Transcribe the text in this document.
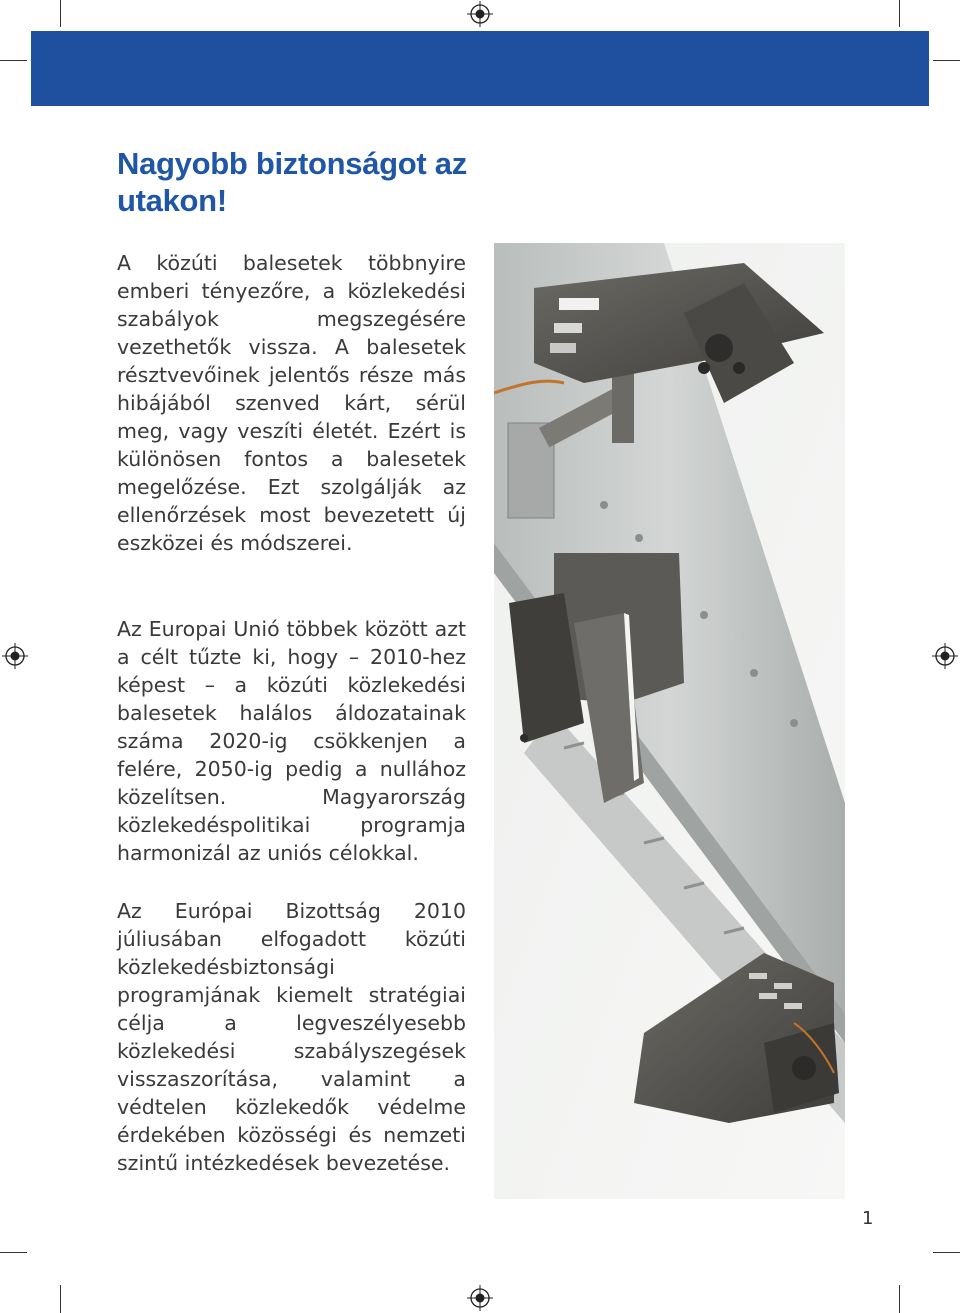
Nagyobb biztonságot az utakon!

A közúti balesetek többnyire emberi tényezőre, a közlekedési szabályok megszegésére vezethetők vissza. A balesetek résztvevőinek jelentős része más hibájából szenved kárt, sérül meg, vagy veszíti életét. Ezért is különösen fontos a balesetek megelőzése. Ezt szolgálják az ellenőrzések most bevezetett új eszközei és módszerei.

Az Europai Unió többek között azt a célt tűzte ki, hogy – 2010-hez képest – a közúti közlekedési balesetek halálos áldozatainak száma 2020-ig csökkenjen a felére, 2050-ig pedig a nullához közelítsen. Magyarország közlekedéspolitikai programja harmonizál az uniós célokkal.

Az Európai Bizottság 2010 júliusában elfogadott közúti közlekedésbiztonsági programjának kiemelt stratégiai célja a legveszélyesebb közlekedési szabályszegések visszaszorítása, valamint a védtelen közlekedők védelme érdekében közösségi és nemzeti szintű intézkedések bevezetése.

1
